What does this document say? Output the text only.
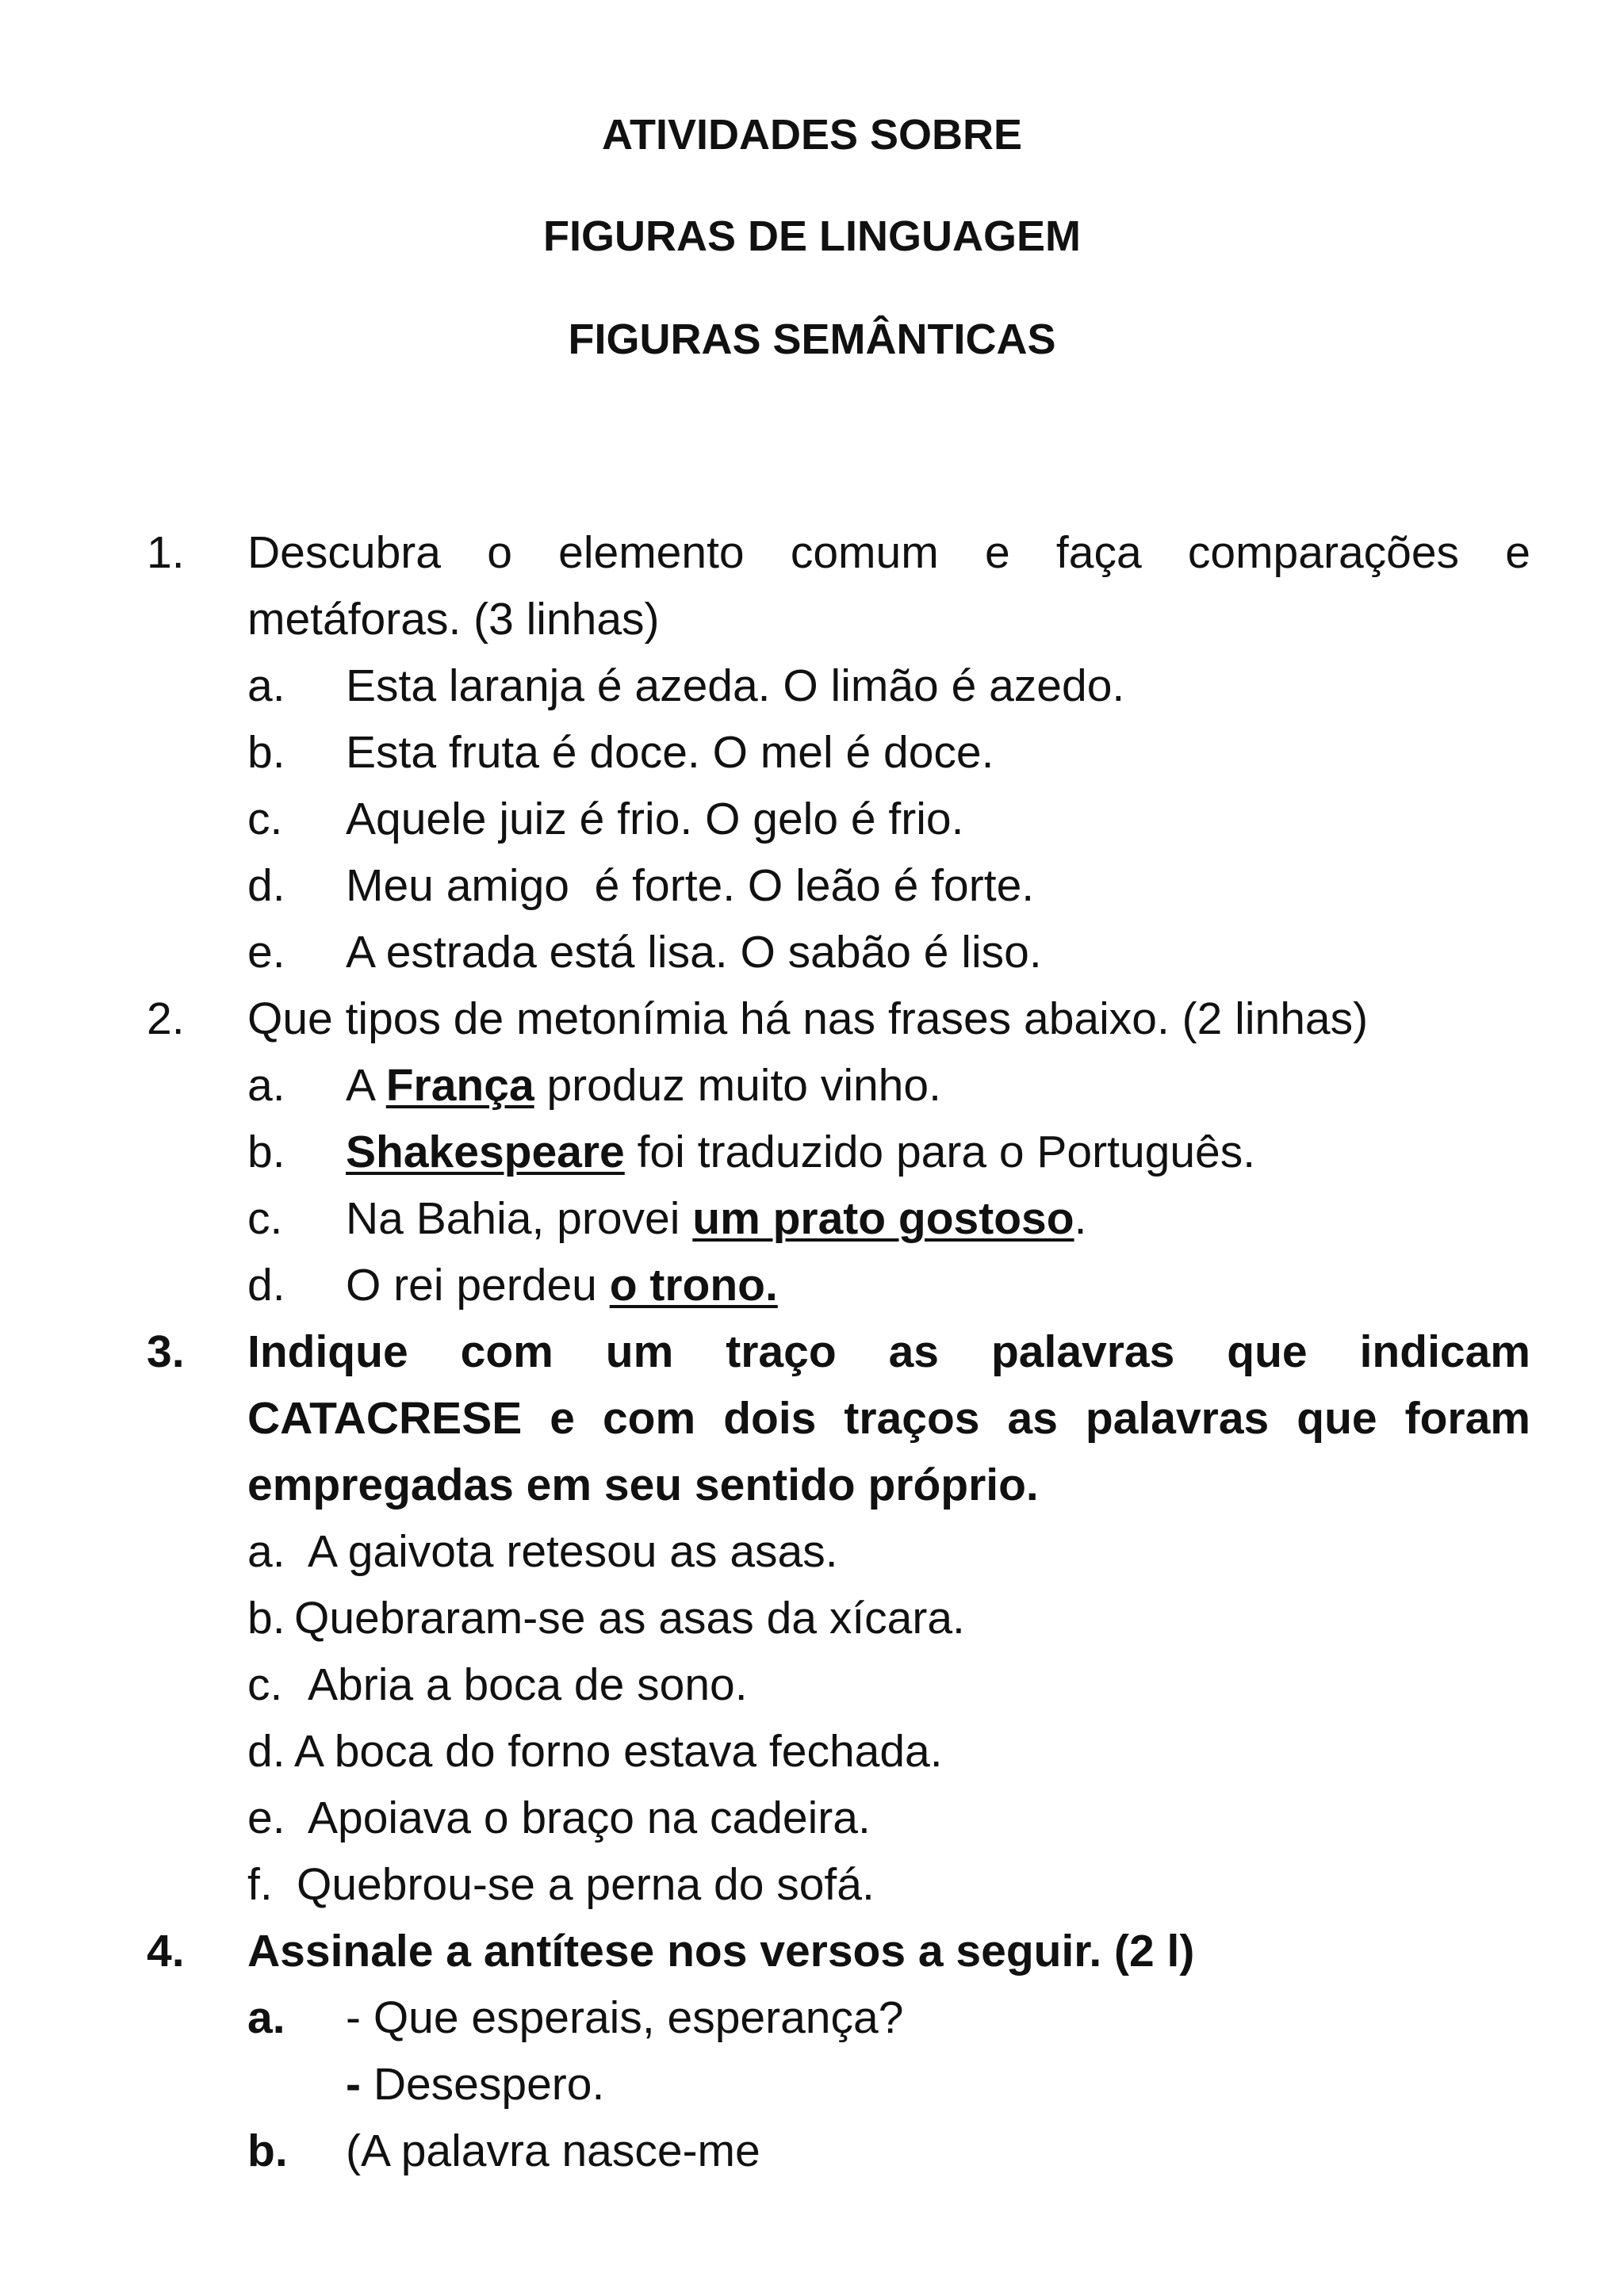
ATIVIDADES SOBRE
FIGURAS DE LINGUAGEM
FIGURAS SEMÂNTICAS
1. Descubra o elemento comum e faça comparações e
metáforas. (3 linhas)
a. Esta laranja é azeda. O limão é azedo.
b. Esta fruta é doce. O mel é doce.
c. Aquele juiz é frio. O gelo é frio.
d. Meu amigo  é forte. O leão é forte.
e. A estrada está lisa. O sabão é liso.
2. Que tipos de metonímia há nas frases abaixo. (2 linhas)
a. A França produz muito vinho.
b. Shakespeare foi traduzido para o Português.
c. Na Bahia, provei um prato gostoso.
d. O rei perdeu o trono.
3. Indique com um traço as palavras que indicam
CATACRESE e com dois traços as palavras que foram
empregadas em seu sentido próprio.
a. A gaivota retesou as asas.
b. Quebraram-se as asas da xícara.
c. Abria a boca de sono.
d. A boca do forno estava fechada.
e. Apoiava o braço na cadeira.
f. Quebrou-se a perna do sofá.
4. Assinale a antítese nos versos a seguir. (2 l)
a. - Que esperais, esperança?
- Desespero.
b. (A palavra nasce-me
